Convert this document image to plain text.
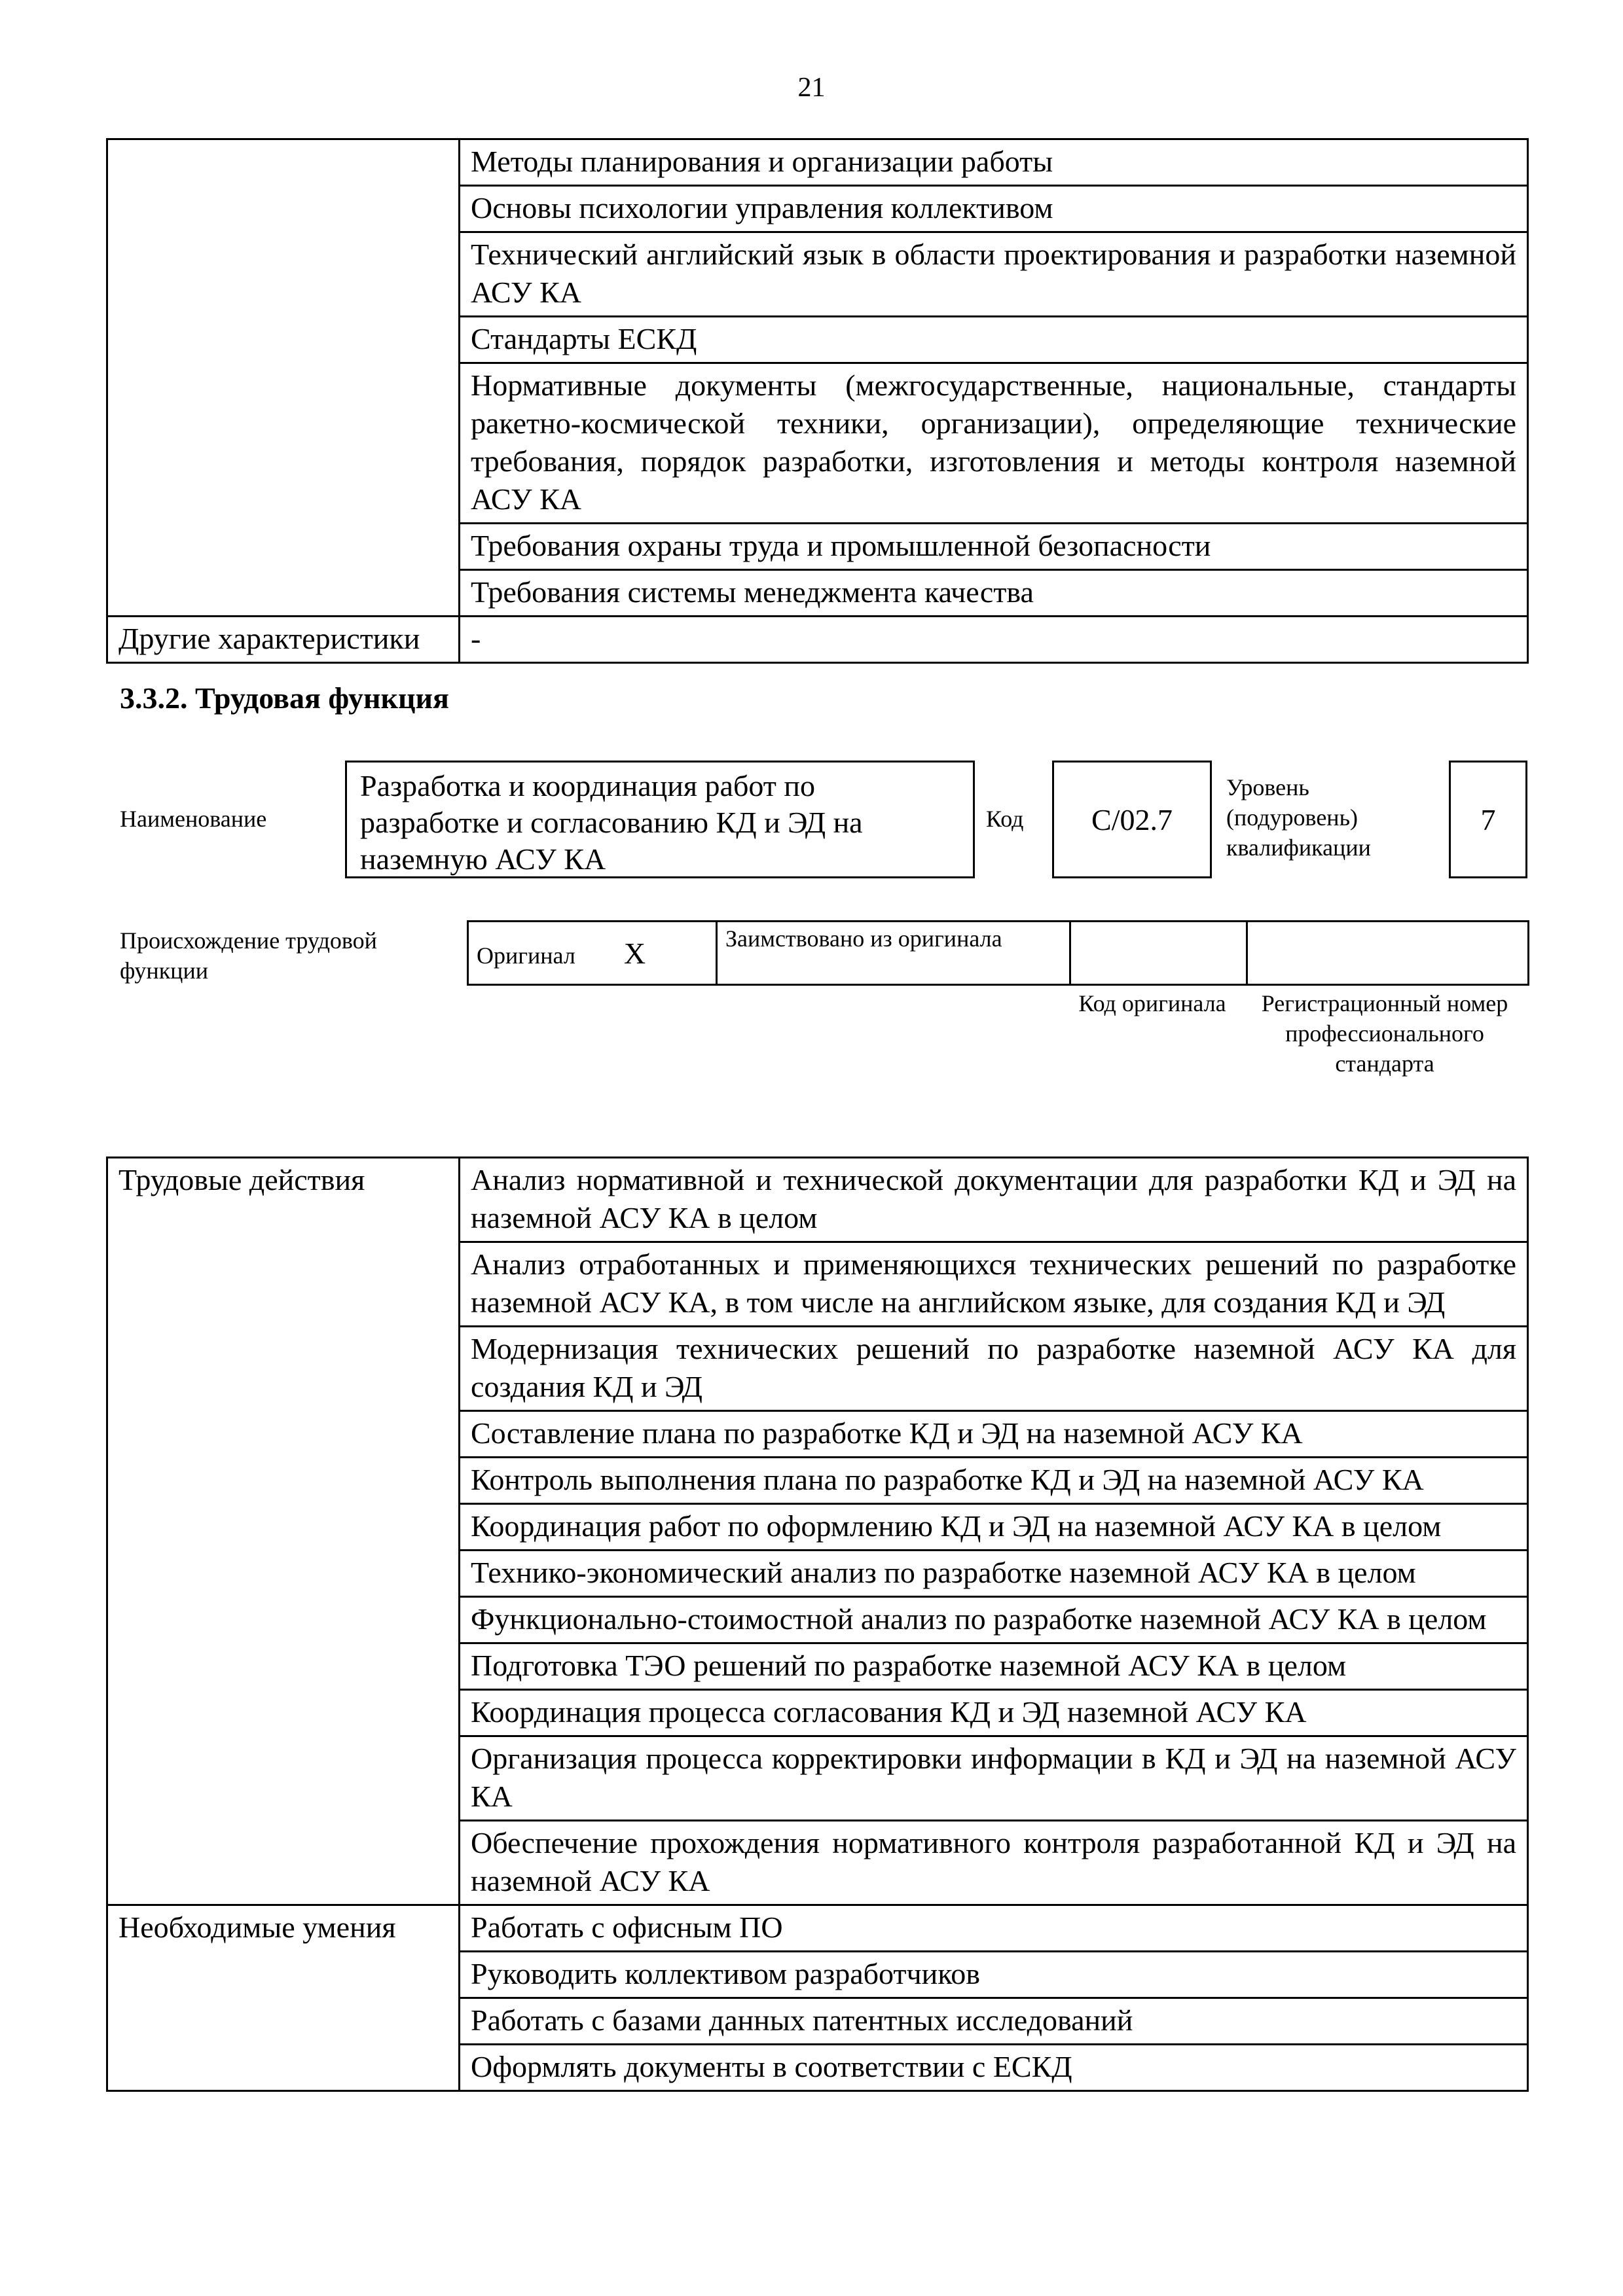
21
	Методы планирования и организации работы
	Основы психологии управления коллективом
	Технический английский язык в области проектирования и разработки наземной АСУ КА
	Стандарты ЕСКД
	Нормативные документы (межгосударственные, национальные, стандарты ракетно-космической техники, организации), определяющие технические требования, порядок разработки, изготовления и методы контроля наземной АСУ КА
	Требования охраны труда и промышленной безопасности
	Требования системы менеджмента качества
Другие характеристики	-
3.3.2. Трудовая функция
Наименование
Разработка и координация работ по разработке и согласованию КД и ЭД на наземную АСУ КА
Код C/02.7
Уровень (подуровень) квалификации
7
Происхождение трудовой функции
Оригинал X	Заимствовано из оригинала		
Код оригинала	Регистрационный номер профессионального стандарта
Трудовые действия	Анализ нормативной и технической документации для разработки КД и ЭД на наземной АСУ КА в целом
	Анализ отработанных и применяющихся технических решений по разработке наземной АСУ КА, в том числе на английском языке, для создания КД и ЭД
	Модернизация технических решений по разработке наземной АСУ КА для создания КД и ЭД
	Составление плана по разработке КД и ЭД на наземной АСУ КА
	Контроль выполнения плана по разработке КД и ЭД на наземной АСУ КА
	Координация работ по оформлению КД и ЭД на наземной АСУ КА в целом
	Технико-экономический анализ по разработке наземной АСУ КА в целом
	Функционально-стоимостной анализ по разработке наземной АСУ КА в целом
	Подготовка ТЭО решений по разработке наземной АСУ КА в целом
	Координация процесса согласования КД и ЭД наземной АСУ КА
	Организация процесса корректировки информации в КД и ЭД на наземной АСУ КА
	Обеспечение прохождения нормативного контроля разработанной КД и ЭД на наземной АСУ КА
Необходимые умения	Работать с офисным ПО
	Руководить коллективом разработчиков
	Работать с базами данных патентных исследований
	Оформлять документы в соответствии с ЕСКД
